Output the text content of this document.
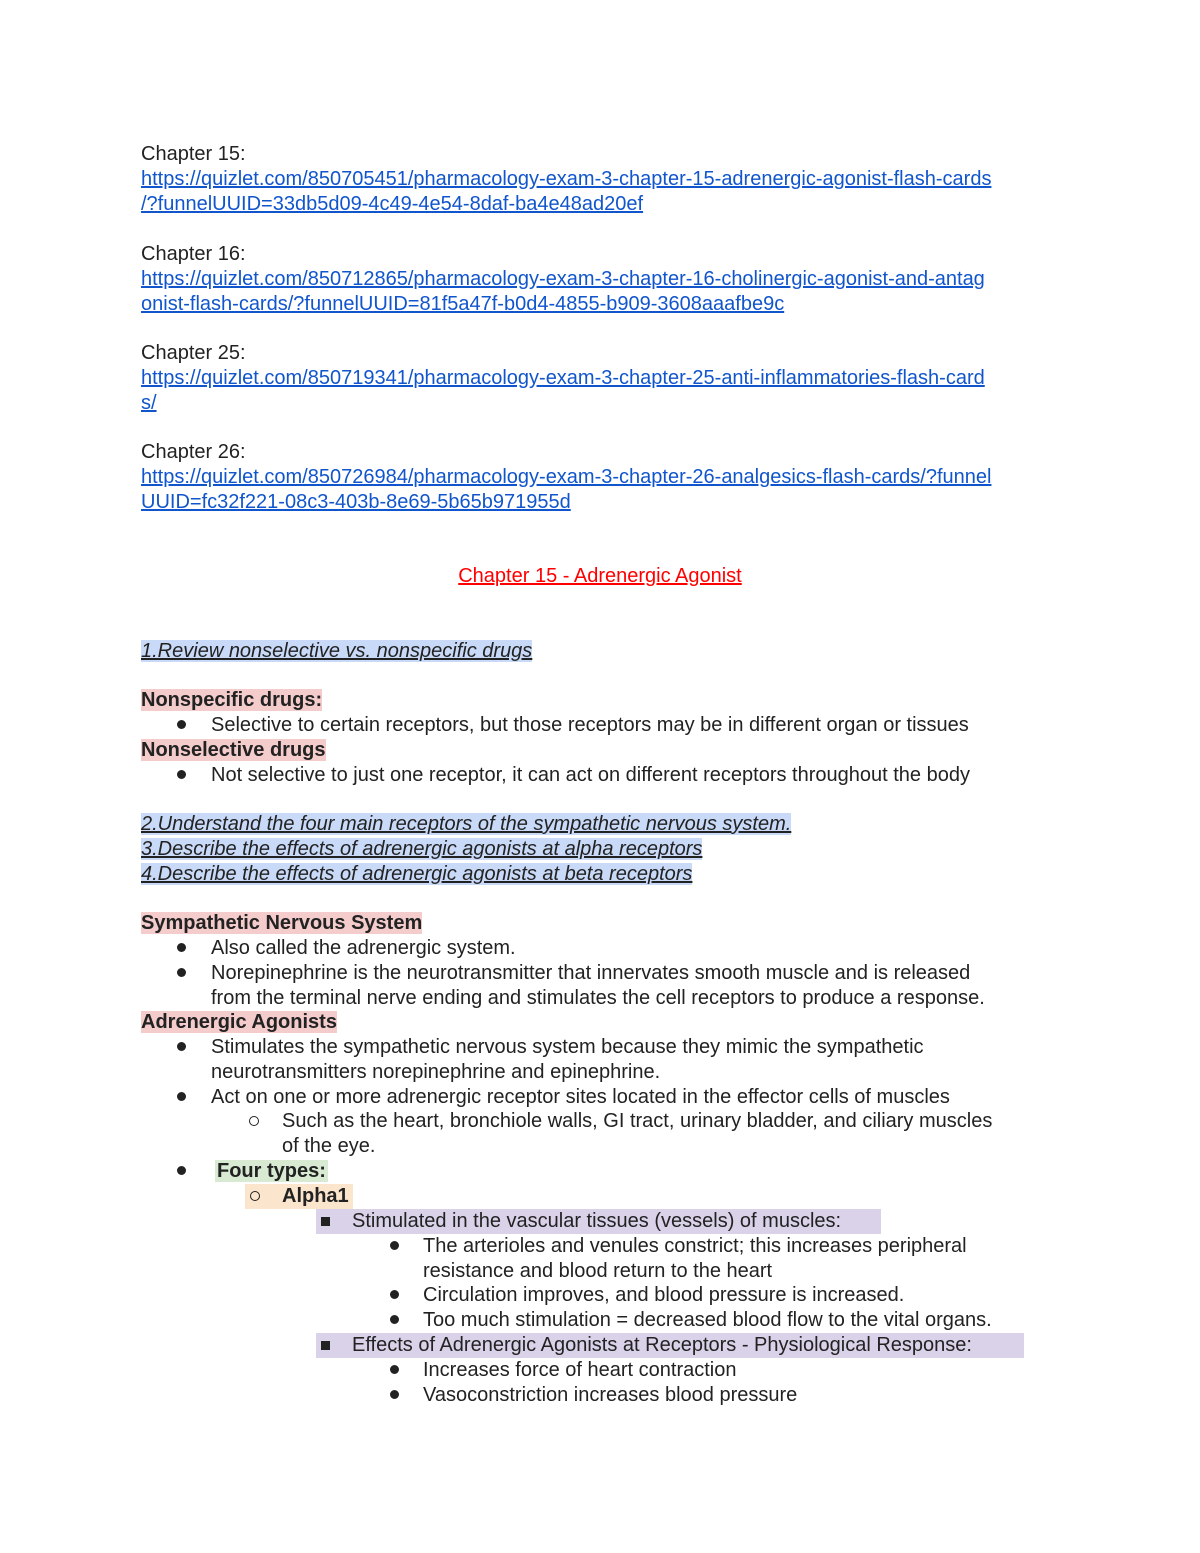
Chapter 15:
https://quizlet.com/850705451/pharmacology-exam-3-chapter-15-adrenergic-agonist-flash-cards
/?funnelUUID=33db5d09-4c49-4e54-8daf-ba4e48ad20ef
Chapter 16:
https://quizlet.com/850712865/pharmacology-exam-3-chapter-16-cholinergic-agonist-and-antag
onist-flash-cards/?funnelUUID=81f5a47f-b0d4-4855-b909-3608aaafbe9c
Chapter 25:
https://quizlet.com/850719341/pharmacology-exam-3-chapter-25-anti-inflammatories-flash-card
s/
Chapter 26:
https://quizlet.com/850726984/pharmacology-exam-3-chapter-26-analgesics-flash-cards/?funnel
UUID=fc32f221-08c3-403b-8e69-5b65b971955d
Chapter 15 - Adrenergic Agonist
1.Review nonselective vs. nonspecific drugs
Nonspecific drugs:
Selective to certain receptors, but those receptors may be in different organ or tissues
Nonselective drugs
Not selective to just one receptor, it can act on different receptors throughout the body
2.Understand the four main receptors of the sympathetic nervous system.
3.Describe the effects of adrenergic agonists at alpha receptors
4.Describe the effects of adrenergic agonists at beta receptors
Sympathetic Nervous System
Also called the adrenergic system.
Norepinephrine is the neurotransmitter that innervates smooth muscle and is released
from the terminal nerve ending and stimulates the cell receptors to produce a response.
Adrenergic Agonists
Stimulates the sympathetic nervous system because they mimic the sympathetic
neurotransmitters norepinephrine and epinephrine.
Act on one or more adrenergic receptor sites located in the effector cells of muscles
Such as the heart, bronchiole walls, GI tract, urinary bladder, and ciliary muscles
of the eye.
Four types:
Alpha1
Stimulated in the vascular tissues (vessels) of muscles:
The arterioles and venules constrict; this increases peripheral
resistance and blood return to the heart
Circulation improves, and blood pressure is increased.
Too much stimulation = decreased blood flow to the vital organs.
Effects of Adrenergic Agonists at Receptors - Physiological Response:
Increases force of heart contraction
Vasoconstriction increases blood pressure
